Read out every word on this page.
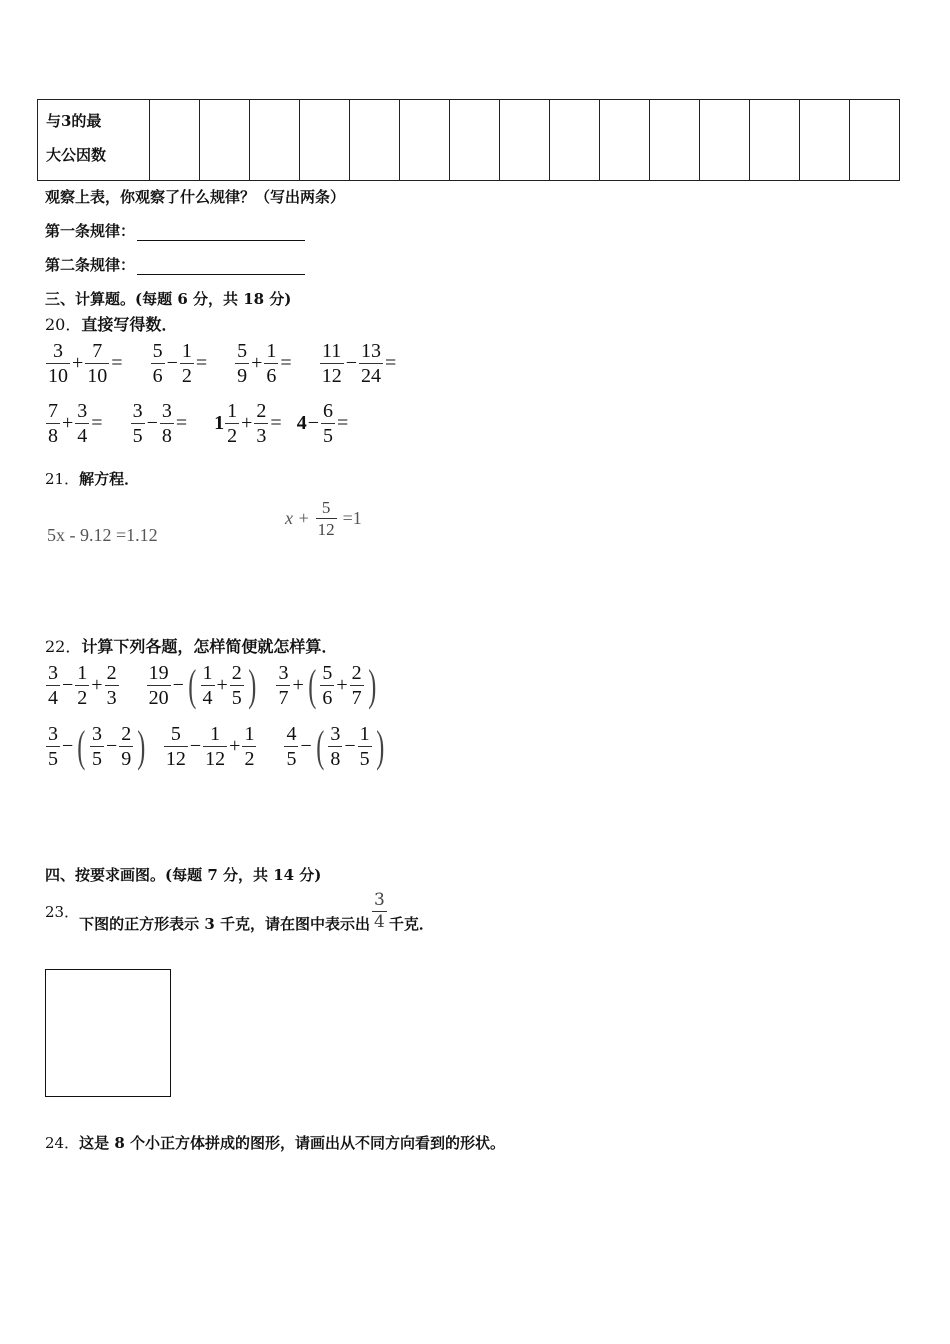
与3的最
大公因数

观察上表，你观察了什么规律？（写出两条）
第一条规律：
第二条规律：
三、计算题。(每题 6 分，共 18 分)
20．直接写得数．
$\frac{3}{10} + \frac{7}{10} = \frac{5}{6} - \frac{1}{2} = \frac{5}{9} + \frac{1}{6} = \frac{11}{12} - \frac{13}{24}$ =
$\frac{7}{8} + \frac{3}{4} = \frac{3}{5} - \frac{3}{8} = 1 \frac{1}{2} + \frac{2}{3} = 4 - \frac{6}{5}$ =
21．解方程．
5x - 9.12 =1.12
$x + \frac{5}{12} =1$
22．计算下列各题，怎样简便就怎样算．
$\frac{3}{4} - \frac{1}{2} + \frac{2}{3} \frac{19}{20}$ − ( $\frac{1}{4} + \frac{2}{5}$ ) $\frac{3}{7}$ + ( $\frac{5}{6} + \frac{2}{7}$ )
$\frac{3}{5}$ − ( $\frac{3}{5} - \frac{2}{9}$ ) $\frac{5}{12} - \frac{1}{12} + \frac{1}{2} \frac{4}{5}$ − ( $\frac{3}{8} - \frac{1}{5}$ )
四、按要求画图。(每题 7 分，共 14 分)
23．
下图的正方形表示 3 千克，请在图中表示出 $\frac{3}{4}$ 千克．
24．这是 8 个小正方体拼成的图形，请画出从不同方向看到的形状。
